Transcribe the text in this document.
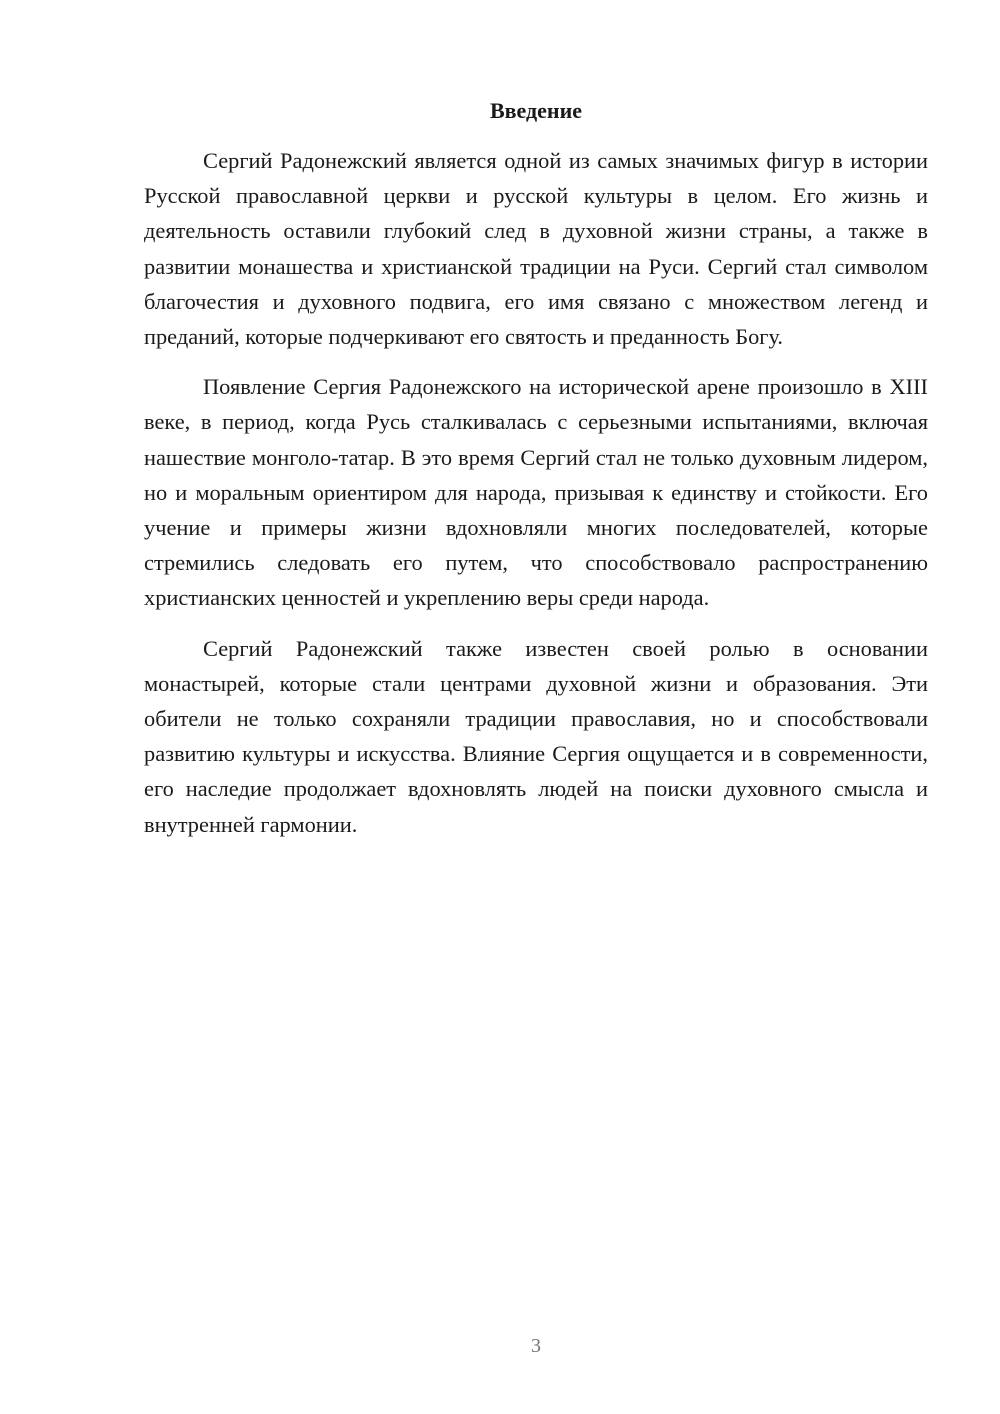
Введение

Сергий Радонежский является одной из самых значимых фигур в истории Русской православной церкви и русской культуры в целом. Его жизнь и деятельность оставили глубокий след в духовной жизни страны, а также в развитии монашества и христианской традиции на Руси. Сергий стал символом благочестия и духовного подвига, его имя связано с множеством легенд и преданий, которые подчеркивают его святость и преданность Богу.

Появление Сергия Радонежского на исторической арене произошло в XIII веке, в период, когда Русь сталкивалась с серьезными испытаниями, включая нашествие монголо-татар. В это время Сергий стал не только духовным лидером, но и моральным ориентиром для народа, призывая к единству и стойкости. Его учение и примеры жизни вдохновляли многих последователей, которые стремились следовать его путем, что способствовало распространению христианских ценностей и укреплению веры среди народа.

Сергий Радонежский также известен своей ролью в основании монастырей, которые стали центрами духовной жизни и образования. Эти обители не только сохраняли традиции православия, но и способствовали развитию культуры и искусства. Влияние Сергия ощущается и в современности, его наследие продолжает вдохновлять людей на поиски духовного смысла и внутренней гармонии.

3
